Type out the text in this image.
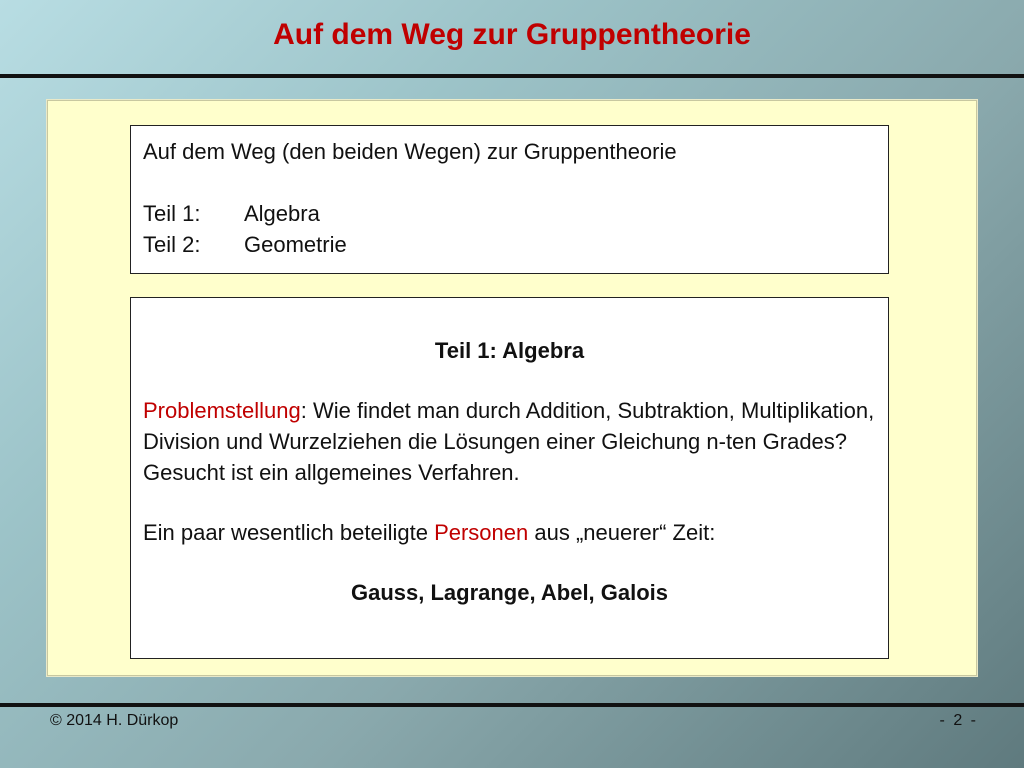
Auf dem Weg zur Gruppentheorie
Auf dem Weg (den beiden Wegen) zur Gruppentheorie
Teil 1:	Algebra
Teil 2:	Geometrie
Teil 1: Algebra
Problemstellung: Wie findet man durch Addition, Subtraktion, Multiplikation, Division und Wurzelziehen die Lösungen einer Gleichung n-ten Grades? Gesucht ist ein allgemeines Verfahren.
Ein paar wesentlich beteiligte Personen aus „neuerer“ Zeit:
Gauss, Lagrange, Abel, Galois
© 2014 H. Dürkop	- 2 -
